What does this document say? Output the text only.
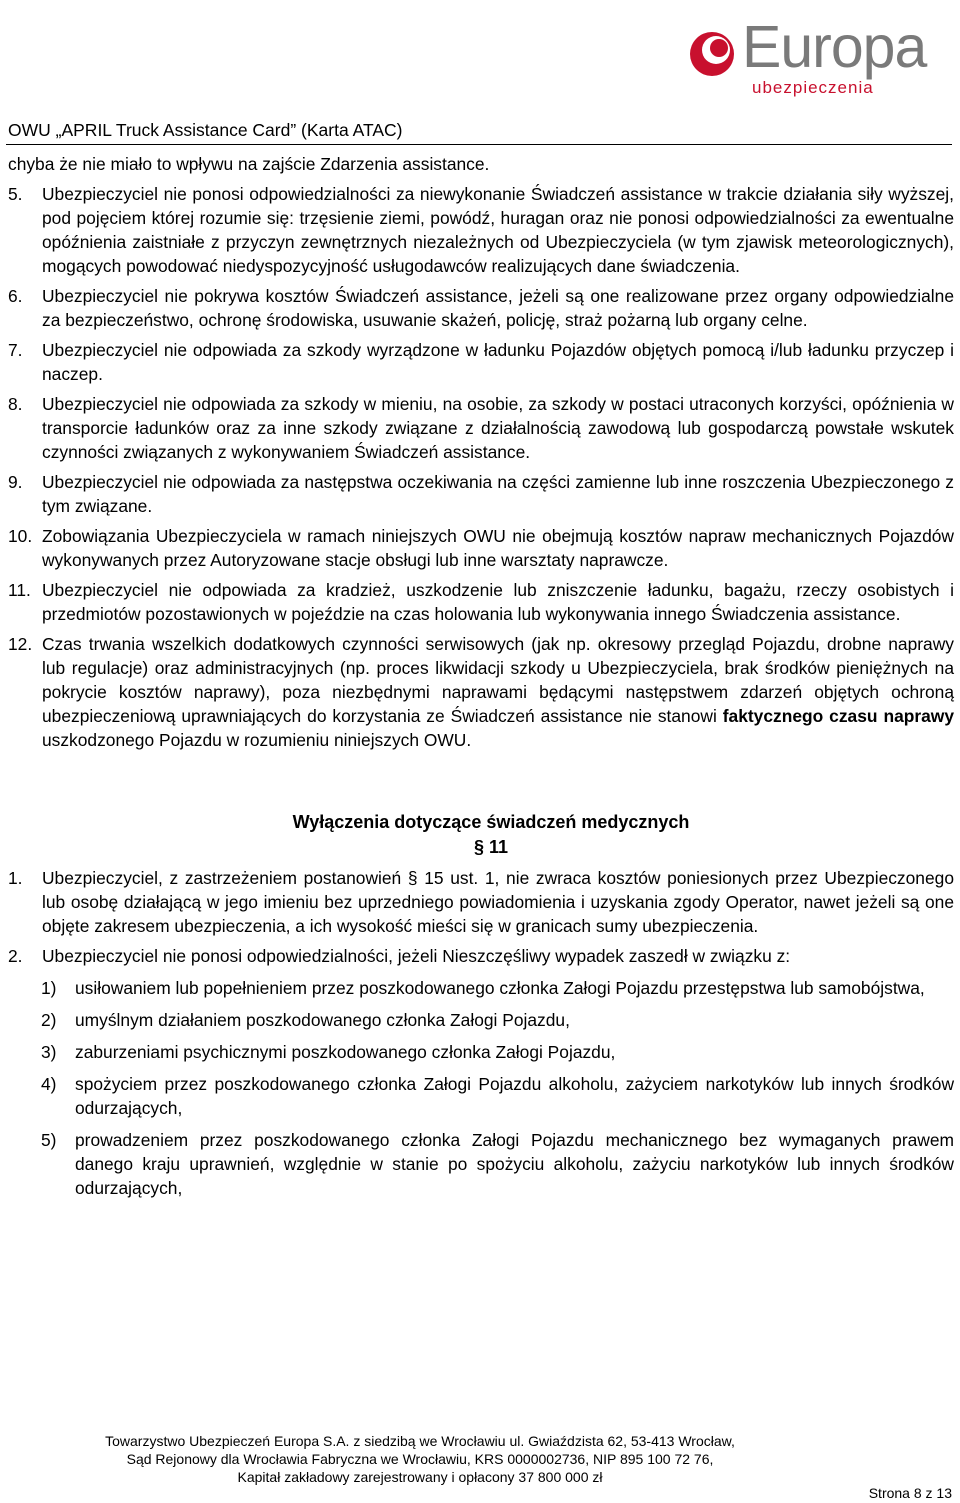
Europa
ubezpieczenia
OWU „APRIL Truck Assistance Card” (Karta ATAC)
chyba że nie miało to wpływu na zajście Zdarzenia assistance.
5. Ubezpieczyciel nie ponosi odpowiedzialności za niewykonanie Świadczeń assistance w trakcie działania siły wyższej, pod pojęciem której rozumie się: trzęsienie ziemi, powódź, huragan oraz nie ponosi odpowiedzialności za ewentualne opóźnienia zaistniałe z przyczyn zewnętrznych niezależnych od Ubezpieczyciela (w tym zjawisk meteorologicznych), mogących powodować niedyspozycyjność usługodawców realizujących dane świadczenia.
6. Ubezpieczyciel nie pokrywa kosztów Świadczeń assistance, jeżeli są one realizowane przez organy odpowiedzialne za bezpieczeństwo, ochronę środowiska, usuwanie skażeń, policję, straż pożarną lub organy celne.
7. Ubezpieczyciel nie odpowiada za szkody wyrządzone w ładunku Pojazdów objętych pomocą i/lub ładunku przyczep i naczep.
8. Ubezpieczyciel nie odpowiada za szkody w mieniu, na osobie, za szkody w postaci utraconych korzyści, opóźnienia w transporcie ładunków oraz za inne szkody związane z działalnością zawodową lub gospodarczą powstałe wskutek czynności związanych z wykonywaniem Świadczeń assistance.
9. Ubezpieczyciel nie odpowiada za następstwa oczekiwania na części zamienne lub inne roszczenia Ubezpieczonego z tym związane.
10. Zobowiązania Ubezpieczyciela w ramach niniejszych OWU nie obejmują kosztów napraw mechanicznych Pojazdów wykonywanych przez Autoryzowane stacje obsługi lub inne warsztaty naprawcze.
11. Ubezpieczyciel nie odpowiada za kradzież, uszkodzenie lub zniszczenie ładunku, bagażu, rzeczy osobistych i przedmiotów pozostawionych w pojeździe na czas holowania lub wykonywania innego Świadczenia assistance.
12. Czas trwania wszelkich dodatkowych czynności serwisowych (jak np. okresowy przegląd Pojazdu, drobne naprawy lub regulacje) oraz administracyjnych (np. proces likwidacji szkody u Ubezpieczyciela, brak środków pieniężnych na pokrycie kosztów naprawy), poza niezbędnymi naprawami będącymi następstwem zdarzeń objętych ochroną ubezpieczeniową uprawniających do korzystania ze Świadczeń assistance nie stanowi faktycznego czasu naprawy uszkodzonego Pojazdu w rozumieniu niniejszych OWU.
Wyłączenia dotyczące świadczeń medycznych
§ 11
1. Ubezpieczyciel, z zastrzeżeniem postanowień § 15 ust. 1, nie zwraca kosztów poniesionych przez Ubezpieczonego lub osobę działającą w jego imieniu bez uprzedniego powiadomienia i uzyskania zgody Operator, nawet jeżeli są one objęte zakresem ubezpieczenia, a ich wysokość mieści się w granicach sumy ubezpieczenia.
2. Ubezpieczyciel nie ponosi odpowiedzialności, jeżeli Nieszczęśliwy wypadek zaszedł w związku z:
1) usiłowaniem lub popełnieniem przez poszkodowanego członka Załogi Pojazdu przestępstwa lub samobójstwa,
2) umyślnym działaniem poszkodowanego członka Załogi Pojazdu,
3) zaburzeniami psychicznymi poszkodowanego członka Załogi Pojazdu,
4) spożyciem przez poszkodowanego członka Załogi Pojazdu alkoholu, zażyciem narkotyków lub innych środków odurzających,
5) prowadzeniem przez poszkodowanego członka Załogi Pojazdu mechanicznego bez wymaganych prawem danego kraju uprawnień, względnie w stanie po spożyciu alkoholu, zażyciu narkotyków lub innych środków odurzających,
Towarzystwo Ubezpieczeń Europa S.A. z siedzibą we Wrocławiu ul. Gwiaździsta 62, 53-413 Wrocław,
Sąd Rejonowy dla Wrocławia Fabryczna we Wrocławiu, KRS 0000002736, NIP 895 100 72 76,
Kapitał zakładowy zarejestrowany i opłacony 37 800 000 zł
Strona 8 z 13
